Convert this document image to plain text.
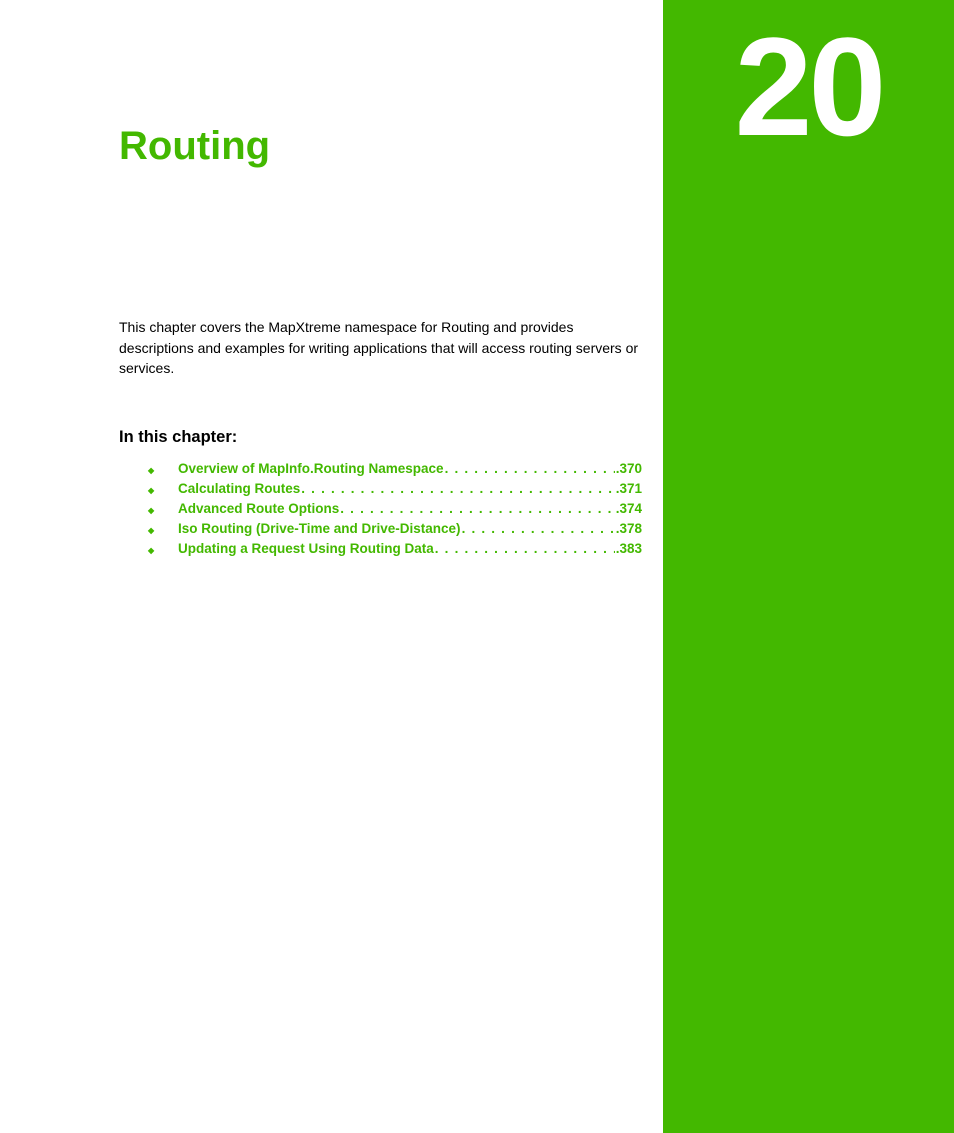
20
Routing

This chapter covers the MapXtreme namespace for Routing and provides descriptions and examples for writing applications that will access routing servers or services.

In this chapter:
◆	Overview of MapInfo.Routing Namespace . . .	.370
◆	Calculating Routes . . .	.371
◆	Advanced Route Options . . .	.374
◆	Iso Routing (Drive-Time and Drive-Distance) . . .	.378
◆	Updating a Request Using Routing Data . . .	.383
